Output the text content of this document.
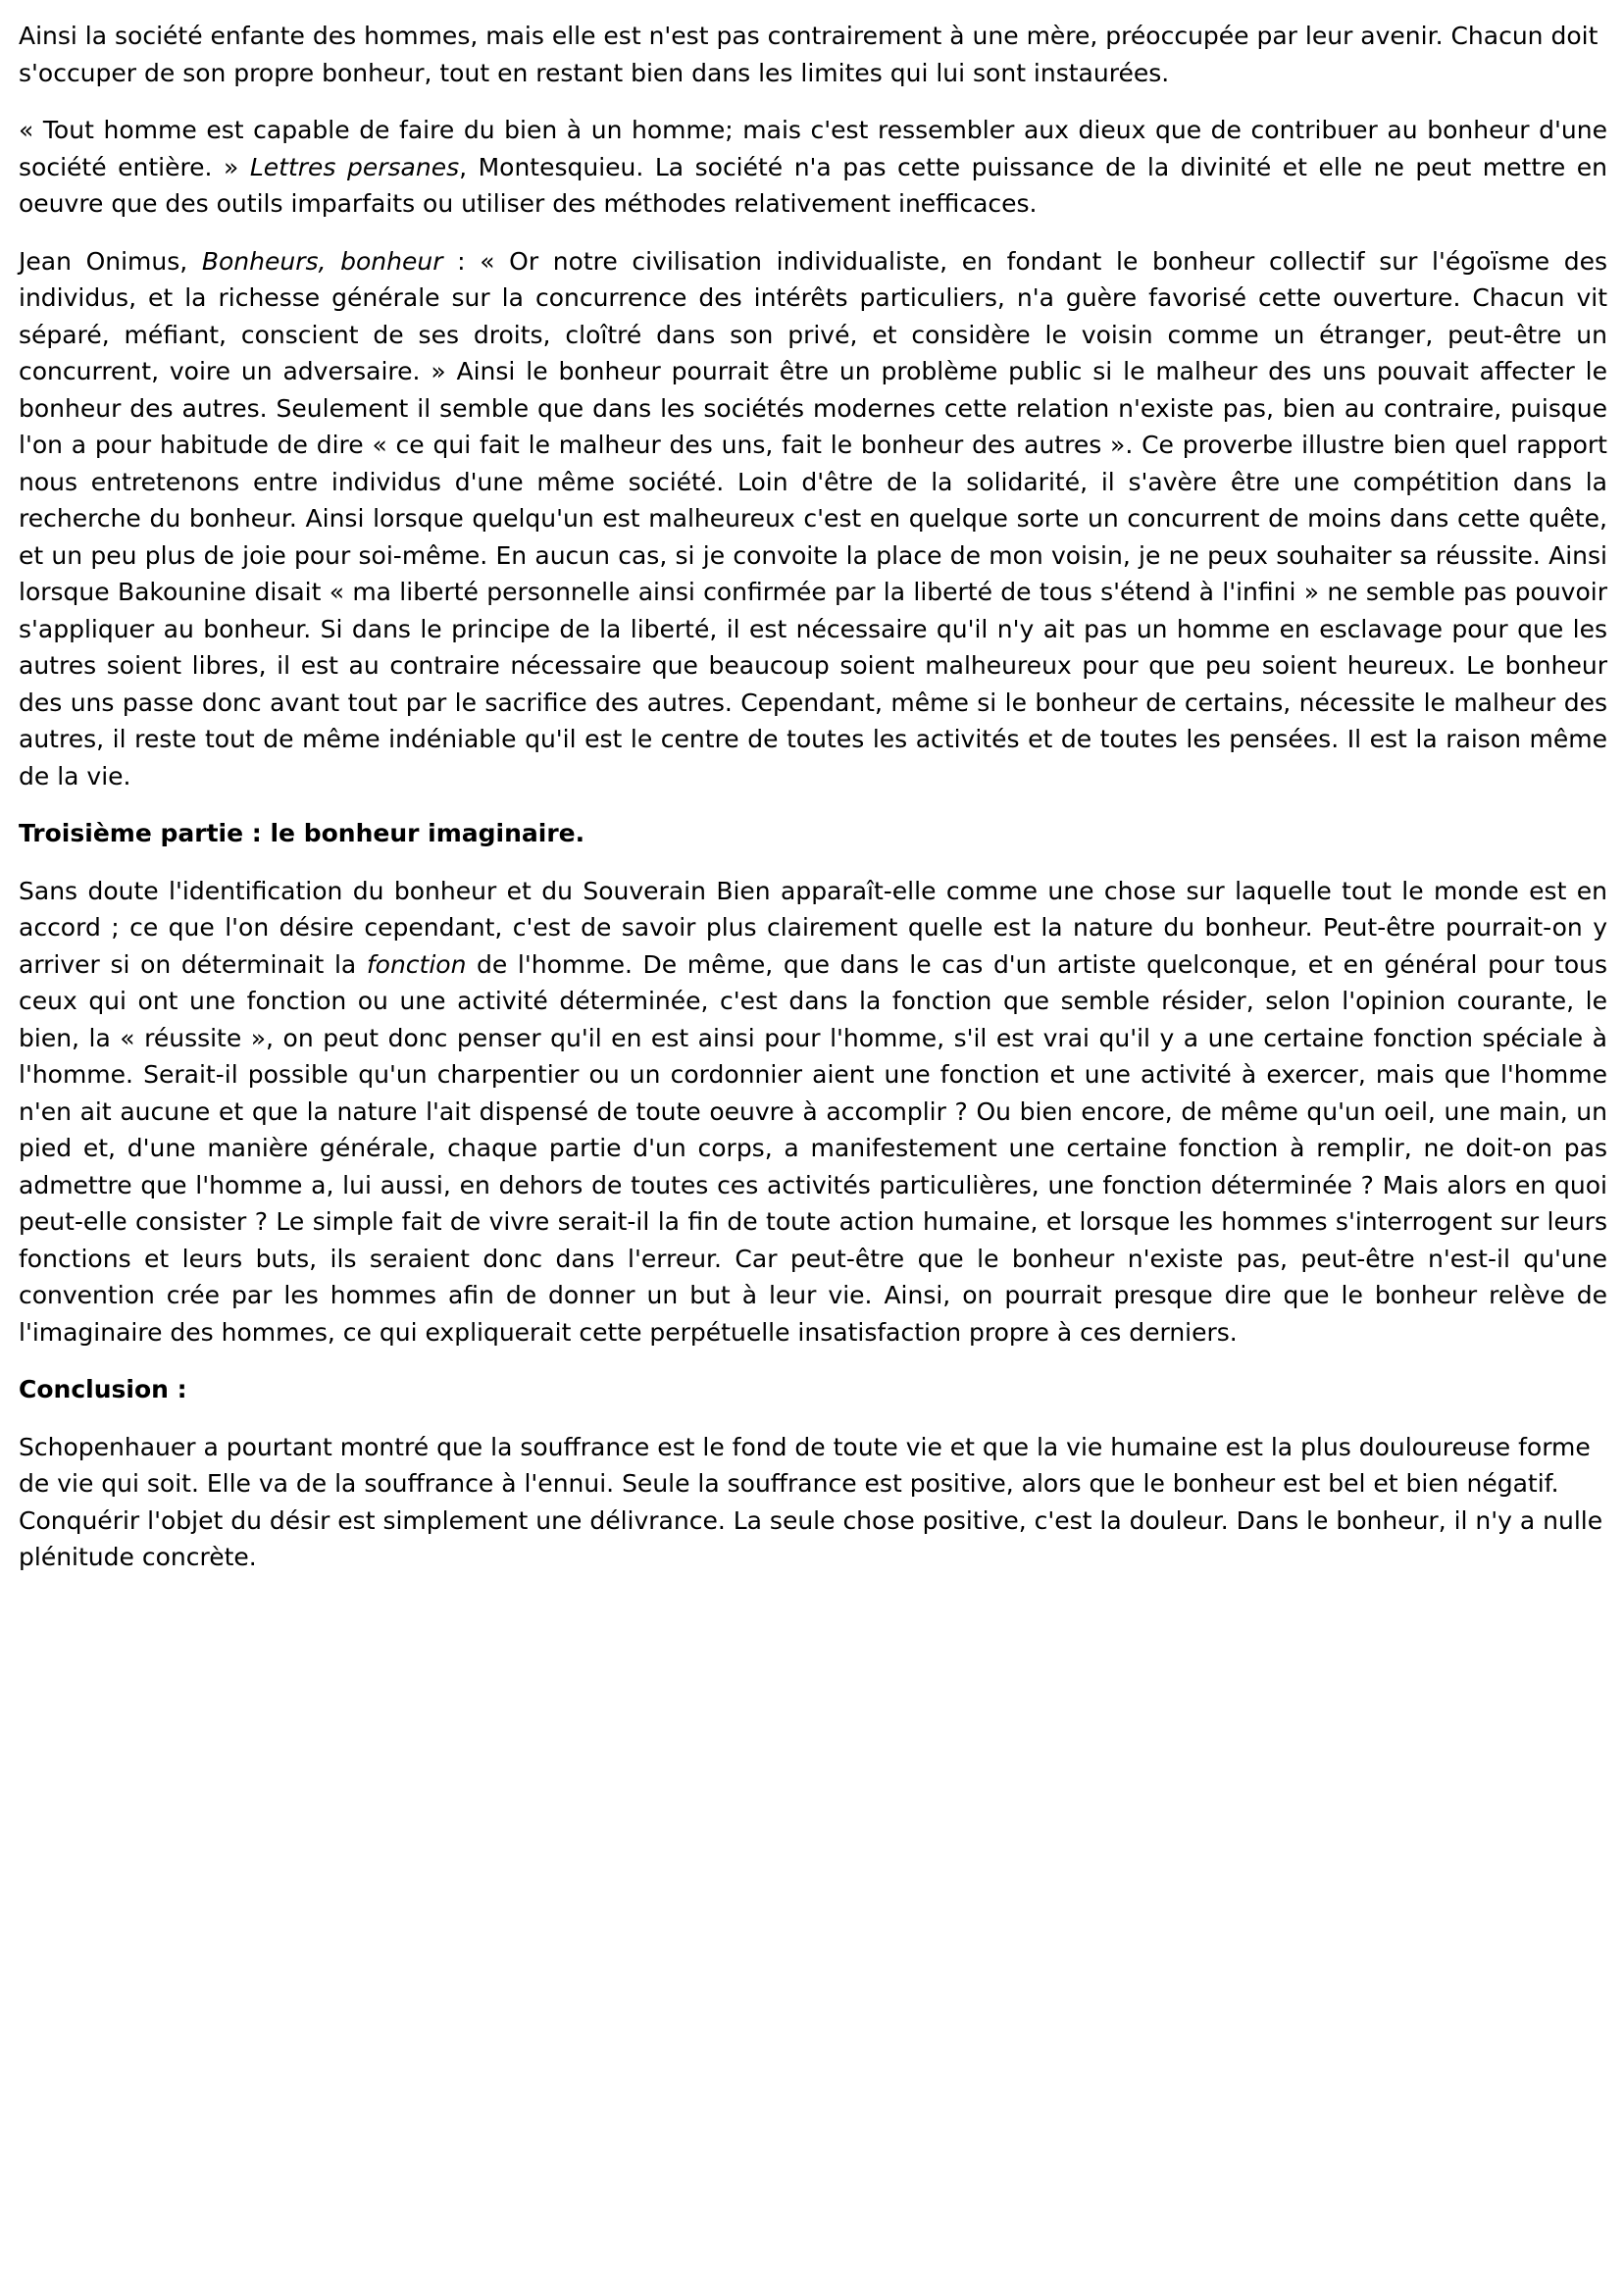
Ainsi la société enfante des hommes, mais elle est n'est pas contrairement à une mère, préoccupée par leur avenir. Chacun doit s'occuper de son propre bonheur, tout en restant bien dans les limites qui lui sont instaurées.

« Tout homme est capable de faire du bien à un homme; mais c'est ressembler aux dieux que de contribuer au bonheur d'une société entière. » Lettres persanes, Montesquieu. La société n'a pas cette puissance de la divinité et elle ne peut mettre en oeuvre que des outils imparfaits ou utiliser des méthodes relativement inefficaces.

Jean Onimus, Bonheurs, bonheur : « Or notre civilisation individualiste, en fondant le bonheur collectif sur l'égoïsme des individus, et la richesse générale sur la concurrence des intérêts particuliers, n'a guère favorisé cette ouverture. Chacun vit séparé, méfiant, conscient de ses droits, cloîtré dans son privé, et considère le voisin comme un étranger, peut-être un concurrent, voire un adversaire. » Ainsi le bonheur pourrait être un problème public si le malheur des uns pouvait affecter le bonheur des autres. Seulement il semble que dans les sociétés modernes cette relation n'existe pas, bien au contraire, puisque l'on a pour habitude de dire « ce qui fait le malheur des uns, fait le bonheur des autres ». Ce proverbe illustre bien quel rapport nous entretenons entre individus d'une même société. Loin d'être de la solidarité, il s'avère être une compétition dans la recherche du bonheur. Ainsi lorsque quelqu'un est malheureux c'est en quelque sorte un concurrent de moins dans cette quête, et un peu plus de joie pour soi-même. En aucun cas, si je convoite la place de mon voisin, je ne peux souhaiter sa réussite. Ainsi lorsque Bakounine disait « ma liberté personnelle ainsi confirmée par la liberté de tous s'étend à l'infini » ne semble pas pouvoir s'appliquer au bonheur. Si dans le principe de la liberté, il est nécessaire qu'il n'y ait pas un homme en esclavage pour que les autres soient libres, il est au contraire nécessaire que beaucoup soient malheureux pour que peu soient heureux. Le bonheur des uns passe donc avant tout par le sacrifice des autres. Cependant, même si le bonheur de certains, nécessite le malheur des autres, il reste tout de même indéniable qu'il est le centre de toutes les activités et de toutes les pensées. Il est la raison même de la vie.

Troisième partie : le bonheur imaginaire.

Sans doute l'identification du bonheur et du Souverain Bien apparaît-elle comme une chose sur laquelle tout le monde est en accord ; ce que l'on désire cependant, c'est de savoir plus clairement quelle est la nature du bonheur. Peut-être pourrait-on y arriver si on déterminait la fonction de l'homme. De même, que dans le cas d'un artiste quelconque, et en général pour tous ceux qui ont une fonction ou une activité déterminée, c'est dans la fonction que semble résider, selon l'opinion courante, le bien, la « réussite », on peut donc penser qu'il en est ainsi pour l'homme, s'il est vrai qu'il y a une certaine fonction spéciale à l'homme. Serait-il possible qu'un charpentier ou un cordonnier aient une fonction et une activité à exercer, mais que l'homme n'en ait aucune et que la nature l'ait dispensé de toute oeuvre à accomplir ? Ou bien encore, de même qu'un oeil, une main, un pied et, d'une manière générale, chaque partie d'un corps, a manifestement une certaine fonction à remplir, ne doit-on pas admettre que l'homme a, lui aussi, en dehors de toutes ces activités particulières, une fonction déterminée ? Mais alors en quoi peut-elle consister ? Le simple fait de vivre serait-il la fin de toute action humaine, et lorsque les hommes s'interrogent sur leurs fonctions et leurs buts, ils seraient donc dans l'erreur. Car peut-être que le bonheur n'existe pas, peut-être n'est-il qu'une convention crée par les hommes afin de donner un but à leur vie. Ainsi, on pourrait presque dire que le bonheur relève de l'imaginaire des hommes, ce qui expliquerait cette perpétuelle insatisfaction propre à ces derniers.

Conclusion :

Schopenhauer a pourtant montré que la souffrance est le fond de toute vie et que la vie humaine est la plus douloureuse forme de vie qui soit. Elle va de la souffrance à l'ennui. Seule la souffrance est positive, alors que le bonheur est bel et bien négatif. Conquérir l'objet du désir est simplement une délivrance. La seule chose positive, c'est la douleur. Dans le bonheur, il n'y a nulle plénitude concrète.
